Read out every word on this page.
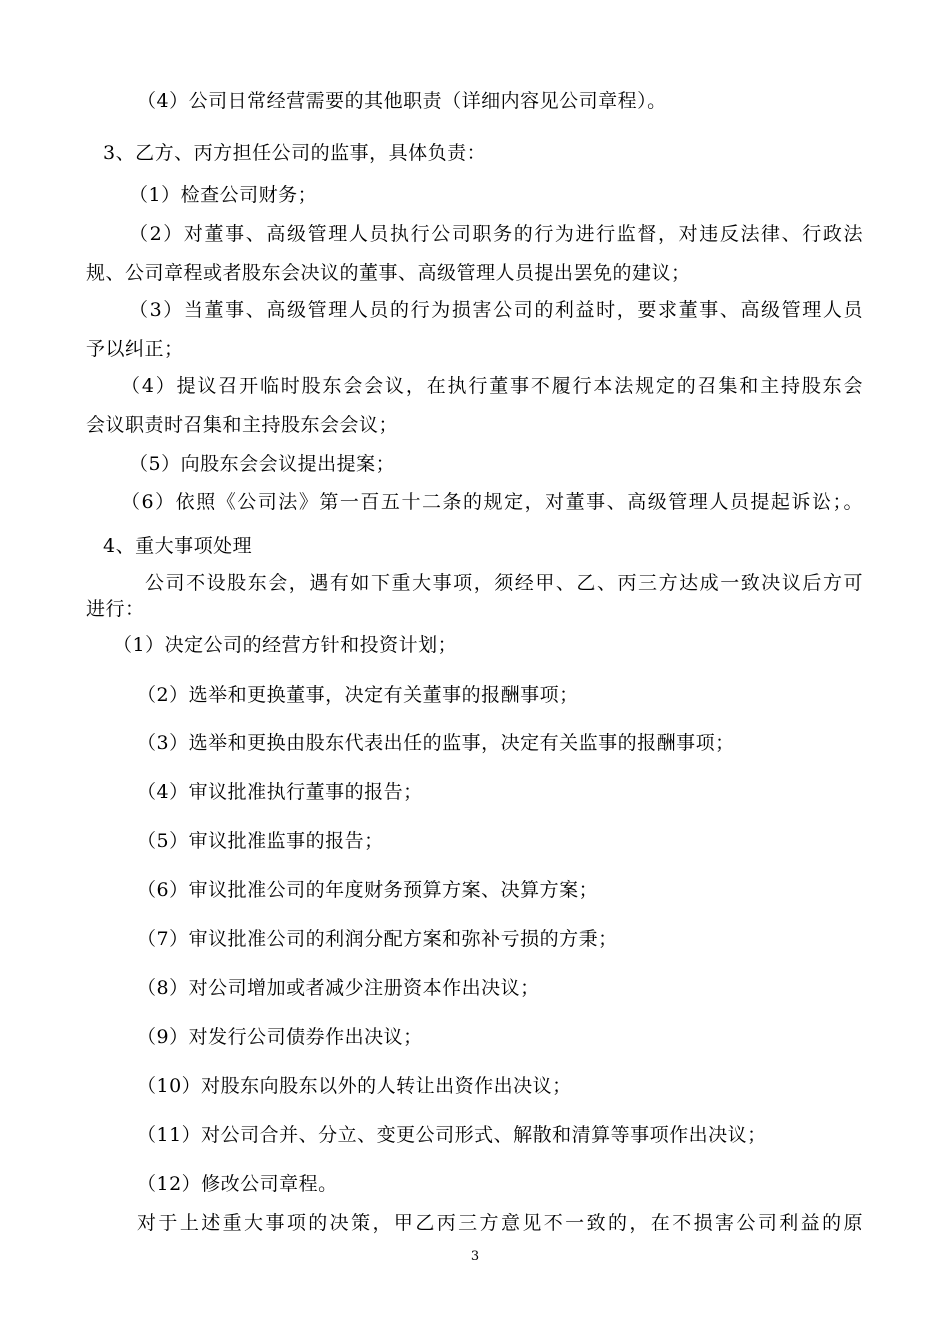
（4）公司日常经营需要的其他职责（详细内容见公司章程）。
3、乙方、丙方担任公司的监事，具体负责：
（1）检查公司财务；
（2）对董事、高级管理人员执行公司职务的行为进行监督，对违反法律、行政法
规、公司章程或者股东会决议的董事、高级管理人员提出罢免的建议；
（3）当董事、高级管理人员的行为损害公司的利益时，要求董事、高级管理人员
予以纠正；
（4）提议召开临时股东会会议，在执行董事不履行本法规定的召集和主持股东会
会议职责时召集和主持股东会会议；
（5）向股东会会议提出提案；
（6）依照《公司法》第一百五十二条的规定，对董事、高级管理人员提起诉讼；。
4、重大事项处理
公司不设股东会，遇有如下重大事项，须经甲、乙、丙三方达成一致决议后方可
进行：
（1）决定公司的经营方针和投资计划；
（2）选举和更换董事，决定有关董事的报酬事项；
（3）选举和更换由股东代表出任的监事，决定有关监事的报酬事项；
（4）审议批准执行董事的报告；
（5）审议批准监事的报告；
（6）审议批准公司的年度财务预算方案、决算方案；
（7）审议批准公司的利润分配方案和弥补亏损的方秉；
（8）对公司增加或者减少注册资本作出决议；
（9）对发行公司债券作出决议；
（10）对股东向股东以外的人转让出资作出决议；
（11）对公司合并、分立、变更公司形式、解散和清算等事项作出决议；
（12）修改公司章程。
对于上述重大事项的决策，甲乙丙三方意见不一致的，在不损害公司利益的原
3
